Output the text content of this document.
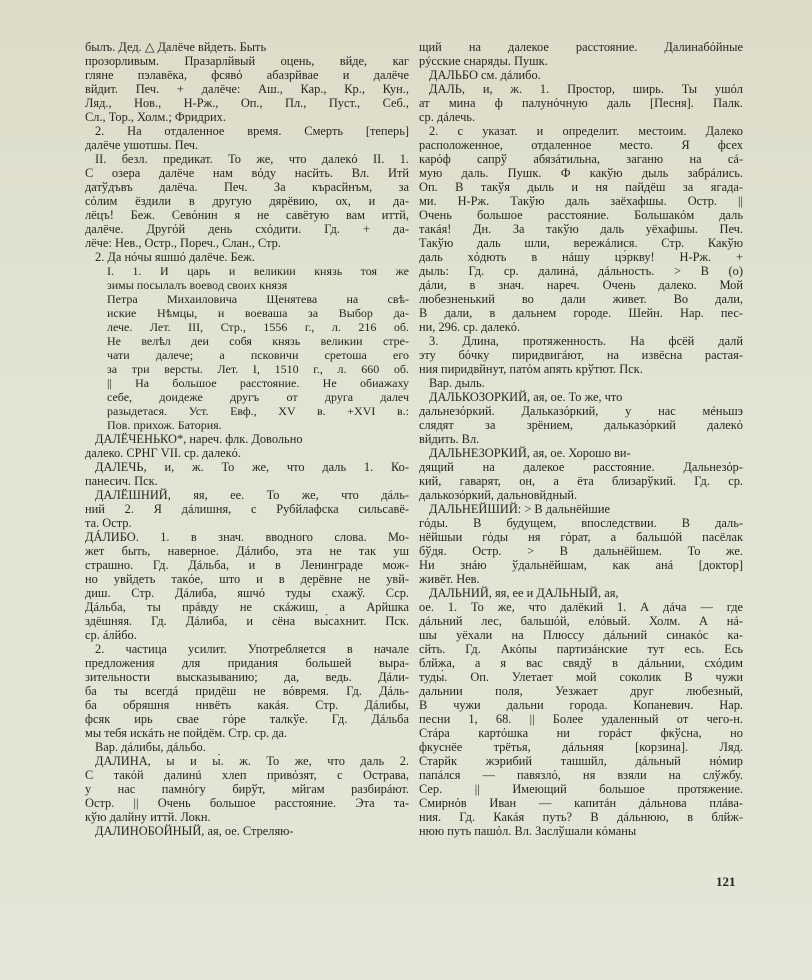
былъ. Дед. △ Далёче вйдеть. Быть
прозорливым. Празарлйвый оцень, вйде, каг
гляне пэлавёка, фсявό абазрйвае и далёче
вйдит. Печ. + далёче: Аш., Кар., Кр., Кун.,
Ляд., Нов., Н-Рж., Оп., Пл., Пуст., Себ.,
Сл., Тор., Холм.; Фридрих.
2. На отдаленное время. Смерть [теперь]
далёче ушотшы. Печ.
II. безл. предикат. То же, что далекό II. 1.
С озера далёче нам вόду насйть. Вл. Итй
датўдъвъ далёча. Печ. За кърасйнъм, за
сόлим ёздили в другую дярёвию, ох, и да-
лёцъ! Беж. Севόнин я не савётую вам иттй,
далёче. Другόй день схόдити. Гд. + да-
лёче: Нев., Остр., Пореч., Слан., Стр.
2. Да нόчы яшшό далёче. Беж.
I. 1. И царь и великии князь тоя же
зимы посылалъ воевод своих князя
Петра Михаиловича Щенятева на свѣ-
иские Нѣмцы, и воеваша за Выбор да-
лече. Лет. III, Стр., 1556 г., л. 216 об.
Не велѣл деи собя князь великии стре-
чати далече; а псковичи сретоша его
за три версты. Лет. I, 1510 г., л. 660 об.
|| На большое расстояние. Не обиажаху
себе, доидеже другъ от друга далеч
разыдетася. Уст. Евф., XV в. +XVI в.:
Пов. прихож. Батория.
ДАЛЁЧЕНЬКО*, нареч. флк. Довольно
далеко. СРНГ VII. ср. далекό.
ДАЛЕЧЬ, и, ж. То же, что даль 1. Ко-
панесич. Пск.
ДАЛЁШНИЙ, яя, ее. То же, что дáль-
ний 2. Я дáлишня, с Рубйлафска сильсавё-
та. Остр.
ДÁЛИБО. 1. в знач. вводного слова. Мо-
жет быть, наверное. Дáлибо, эта не так уш
страшно. Гд. Дáльба, и в Ленинграде мож-
но увйдеть такόе, што и в дерёвне не увй-
диш. Стр. Дáлиба, яшчό туды́ схажў. Сср.
Дáльба, ты прáвду не скáжиш, а Арйшка
здёшняя. Гд. Дáлиба, и сёна вы́сахнит. Пск.
ср. áлйбо.
2. частица усилит. Употребляется в начале
предложения для придания большей выра-
зительности высказыванию; да, ведь. Дáли-
ба ты всегдá придёш не вόвремя. Гд. Дáль-
ба обряшня ннвёть какáя. Стр. Дáлибы,
фсяк ирь свае гόре талкўе. Гд. Дáльба
мы тебя искáть не пойдём. Стр. ср. да.
Вар. дáлибы, дáльбо.
ДАЛИНА, ы и ы́. ж. То же, что даль 2.
С такόй далинú хлеп привόзят, с Острава,
у нас памнόгу бирўт, мйгам разбирáют.
Остр. || Очень большое расстояние. Эта та-
кўю далйну иттй. Локн.
ДАЛИНОБОЙНЫЙ, ая, ое. Стреляю-
щий на далекое расстояние. Далинабόйные
рýсские снаряды. Пушк.
ДАЛЬБО см. дáлибо.
ДАЛЬ, и, ж. 1. Простор, ширь. Ты ушόл
ат мина ф палунόчную даль [Песня]. Палк.
ср. дáлечь.
2. с указат. и определит. местоим. Далеко
расположенное, отдаленное место. Я фсех
карόф сапрў абязáтильна, заганю на сá-
мую даль. Пушк. Ф какўю дыль забрáлись.
Оп. В такўя дыль и ня пайдёш за ягада-
ми. Н-Рж. Такўю даль заёхафшы. Остр. ||
Очень большое расстояние. Большакόм даль
такáя! Дн. За такўю даль уёхафшы. Печ.
Такўю даль шли, вережáлися. Стр. Какўю
даль хόдють в нáшу цэ́ркву! Н-Рж. +
дыль: Гд. ср. далинá, дáльность. > В (о)
дáли, в знач. нареч. Очень далеко. Мой
любезненький во дали живет. Во дали,
В дали, в дальнем городе. Шейн. Нар. пес-
ни, 296. ср. далекό.
3. Длина, протяженность. На фсёй далй
эту бόчку пиридвигáют, на извёсна растая-
ния пиридвйнут, патόм апять крўтют. Пск.
Вар. дыль.
ДАЛЬКОЗОРКИЙ, ая, ое. То же, что
дальнезόркий. Дальказόркий, у нас мéньшэ
слядят за зрёнием, дальказόркий далекό
вйдить. Вл.
ДАЛЬНЕЗОРКИЙ, ая, ое. Хорошо ви-
дящий на далекое расстояние. Дальнезόр-
кий, гаварят, он, а ёта близарўкий. Гд. ср.
далькозόркий, дальновйдный.
ДАЛЬНЕЙШИЙ: > В дальнёйшие
гόды. В будущем, впоследствии. В даль-
нёйшыи гόды ня гόрат, а бальшόй пасёлак
бўдя. Остр. > В дальнёйшем. То же.
Ни знáю ўдальнёйшам, как анá [доктор]
живёт. Нев.
ДАЛЬНИЙ, яя, ее и ДАЛЬНЫЙ, ая,
ое. 1. То же, что далёкий 1. А дáча — где
дáльний лес, бальшόй, елόвый. Холм. А нá-
шы уёхали на Плюссу дáльний синакόс ка-
сйть. Гд. Акόпы партизáнские тут есь. Есь
блйжа, а я вас свядў в дáльнии, схόдим
туды́. Оп. Улетает мой соколик В чужи
дальнии поля, Уезжает друг любезный,
В чужи дальни города. Копаневич. Нар.
песни 1, 68. || Более удаленный от чего-н.
Стáра картόшка ни горáст фкўсна, но
фкуснёе трётья, дáльняя [корзина]. Ляд.
Старйк жэрибий ташшйл, дáльный нόмир
папáлся — павязлό, ня взяли на слўжбу.
Сер. || Имеющий большое протяжение.
Смирнόв Иван — капитáн дáльнова плáва-
ния. Гд. Какáя путь? В дáльнюю, в блйж-
нюю путь пашόл. Вл. Заслўшали кόманы
121
